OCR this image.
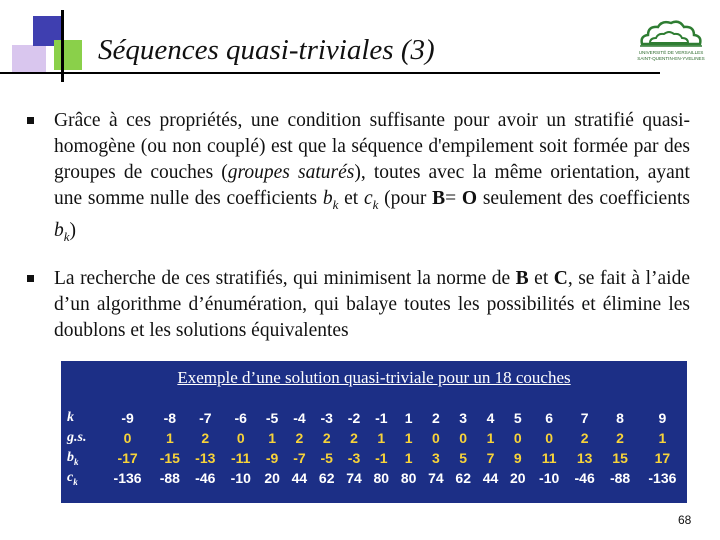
Séquences quasi-triviales (3)	UNIVERSITÉ DE VERSAILLES
SAINT-QUENTIN-EN-YVELINES
Grâce à ces propriétés, une condition suffisante pour avoir un stratifié quasi-homogène (ou non couplé) est que la séquence d'empilement soit formée par des groupes de couches (groupes saturés), toutes avec la même orientation, ayant une somme nulle des coefficients $b_k$ et $c_k$ (pour B= O seulement des coefficients $b_k$)
La recherche de ces stratifiés, qui minimisent la norme de B et C, se fait à l’aide d’un algorithme d’énumération, qui balaye toutes les possibilités et élimine les doublons et les solutions équivalentes
Exemple d’une solution quasi-triviale pour un 18 couches
k	-9	-8	-7	-6	-5	-4	-3	-2	-1	1	2	3	4	5	6	7	8	9
g.s.	0	1	2	0	1	2	2	2	1	1	0	0	1	0	0	2	2	1
$b_k$	-17	-15	-13	-11	-9	-7	-5	-3	-1	1	3	5	7	9	11	13	15	17
$c_k$	-136	-88	-46	-10	20	44	62	74	80	80	74	62	44	20	-10	-46	-88	-136
68
